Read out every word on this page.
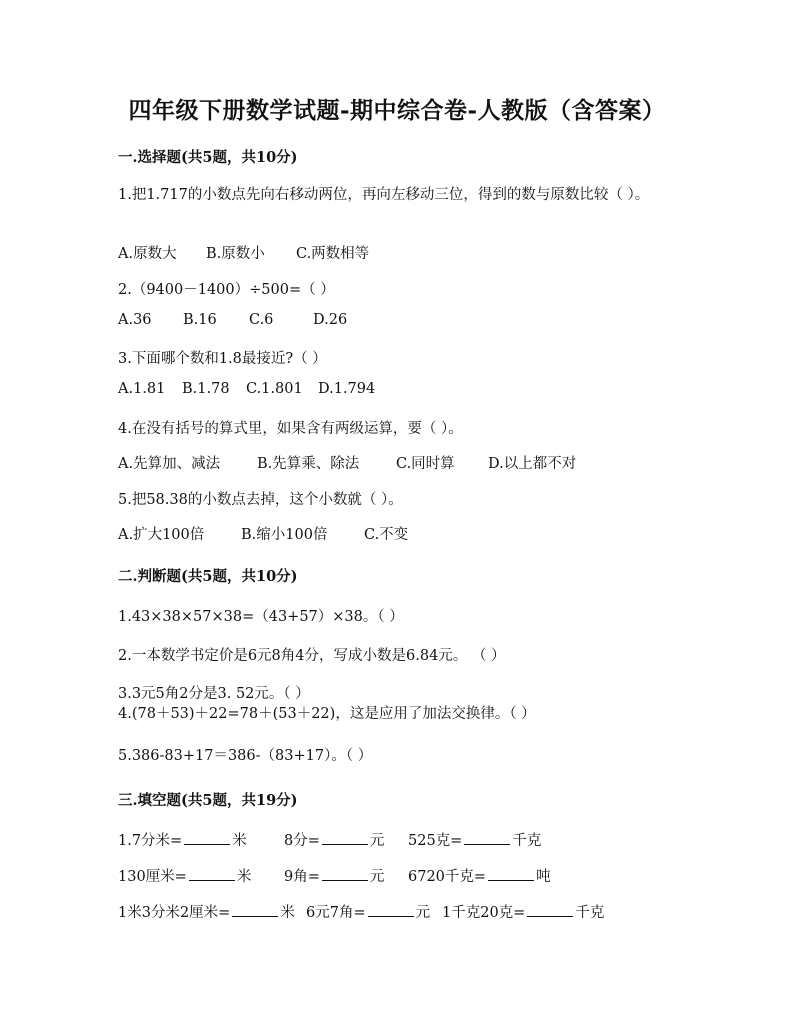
四年级下册数学试题-期中综合卷-人教版（含答案）
一.选择题(共5题，共10分)
1.把1.717的小数点先向右移动两位，再向左移动三位，得到的数与原数比较（ ）。
A.原数大 B.原数小 C.两数相等
2.（9400－1400）÷500=（ ）
A.36 B.16 C.6	D.26
3.下面哪个数和1.8最接近?（ ）
A.1.81 B.1.78 C.1.801 D.1.794
4.在没有括号的算式里，如果含有两级运算，要（ ）。
A.先算加、减法	B.先算乘、除法	C.同时算 D.以上都不对
5.把58.38的小数点去掉，这个小数就（ ）。
A.扩大100倍	B.缩小100倍	C.不变
二.判断题(共5题，共10分)
1.43×38×57×38=（43+57）×38。（ ）
2.一本数学书定价是6元8角4分，写成小数是6.84元。 （ ）
3.3元5角2分是3. 52元。（ ）
4.(78＋53)＋22=78＋(53＋22)，这是应用了加法交换律。（ ）
5.386-83+17＝386-（83+17）。（ ）
三.填空题(共5题，共19分)
1.7分米=	米	8分=	元 525克=	千克
130厘米=	米 9角=	元 6720千克=	吨
1米3分米2厘米=	米 6元7角=	元 1千克20克=	千克
